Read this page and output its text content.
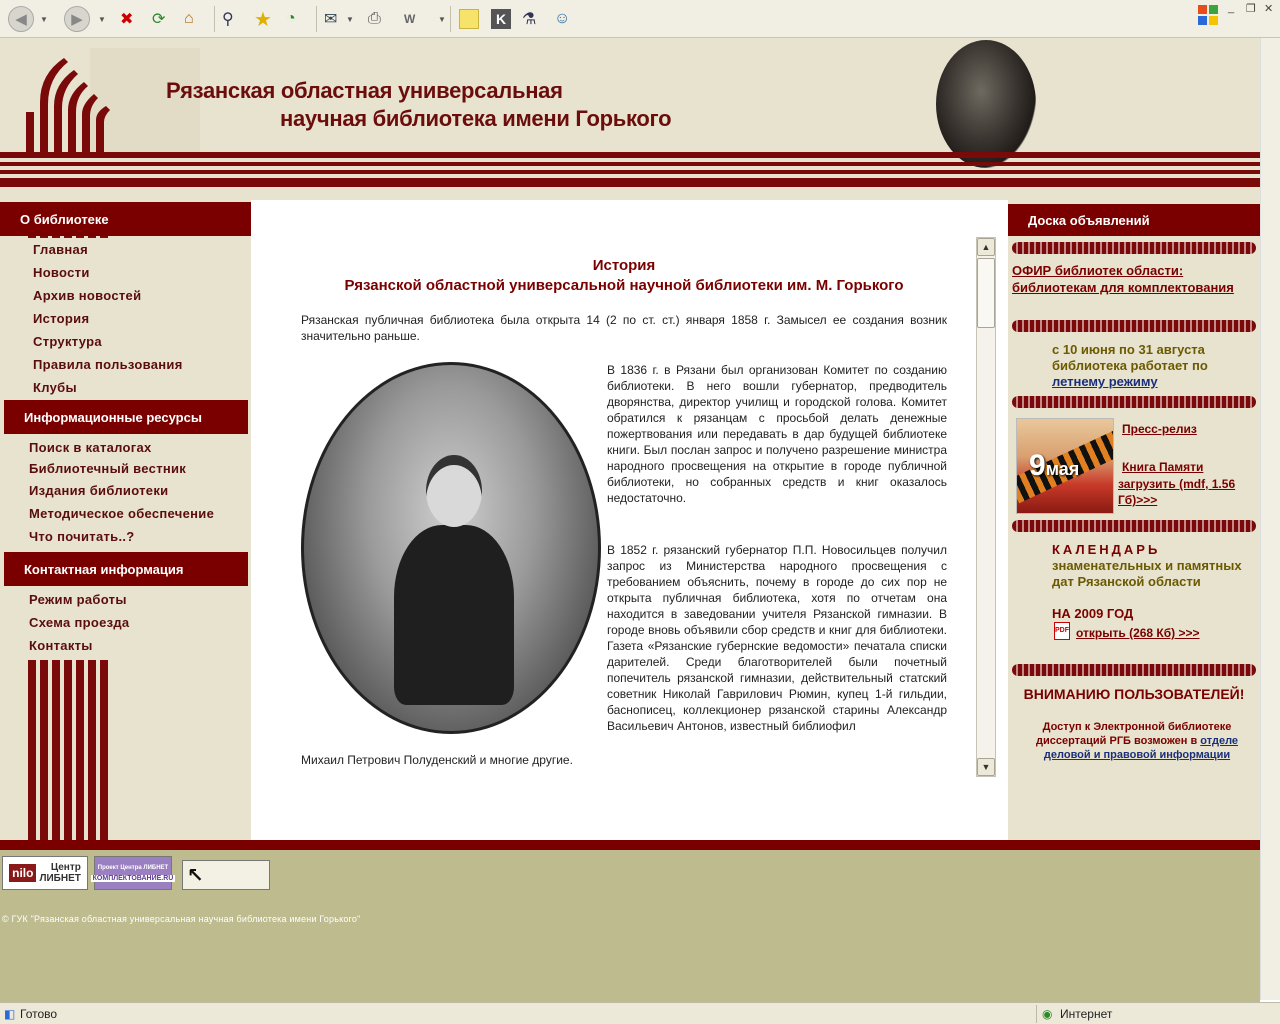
◀	▼	▶	▼ ✖ ⟳ ⌂ ⚲ ★ ◔ ✉ ▼ ⎙ W	▼	K ⚗ ☺
_ ❐ ✕
Рязанская областная универсальная
научная библиотека имени Горького
О библиотеке
Главная
Новости
Архив новостей
История
Структура
Правила пользования
Клубы
Информационные ресурсы
Поиск в каталогах
Библиотечный вестник
Издания библиотеки
Методическое обеспечение
Что почитать..?
Контактная информация
Режим работы
Схема проезда
Контакты
История
Рязанской областной универсальной научной библиотеки им. М. Горького
Рязанская публичная библиотека была открыта 14 (2 по ст. ст.) января 1858 г. Замысел ее создания возник значительно раньше.
В 1836 г. в Рязани был организован Комитет по созданию библиотеки. В него вошли губернатор, предводитель дворянства, директор училищ и городской голова. Комитет обратился к рязанцам с просьбой делать денежные пожертвования или передавать в дар будущей библиотеке книги. Был послан запрос и получено разрешение министра народного просвещения на открытие в городе публичной библиотеки, но собранных средств и книг оказалось недостаточно.
В 1852 г. рязанский губернатор П.П. Новосильцев получил запрос из Министерства народного просвещения с требованием объяснить, почему в городе до сих пор не открыта публичная библиотека, хотя по отчетам она находится в заведовании учителя Рязанской гимназии. В городе вновь объявили сбор средств и книг для библиотеки. Газета «Рязанские губернские ведомости» печатала списки дарителей. Среди благотворителей были почетный попечитель рязанской гимназии, действительный статский советник Николай Гаврилович Рюмин, купец 1-й гильдии, баснописец, коллекционер рязанской старины Александр Васильевич Антонов, известный библиофил
Михаил Петрович Полуденский и многие другие.
▲
▼
Доска объявлений
ОФИР библиотек области: библиотекам для комплектования
с 10 июня по 31 августа
библиотека работает по
летнему режиму
9мая
Пресс-релиз
Книга Памяти
загрузить (mdf, 1.56 Гб)>>>
КАЛЕНДАРЬ
знаменательных и памятных дат Рязанской области
НА 2009 ГОД
PDF открыть (268 Кб) >>>
ВНИМАНИЮ ПОЛЬЗОВАТЕЛЕЙ!
Доступ к Электронной библиотеке диссертаций РГБ возможен в отделе деловой и правовой информации
nilo	Центр
ЛИБНЕТ
Проект Центра ЛИБНЕТ
КОМПЛЕКТОВАНИЕ.RU ↖
© ГУК "Рязанская областная универсальная научная библиотека имени Горького"
◧ Готово	◉ Интернет
